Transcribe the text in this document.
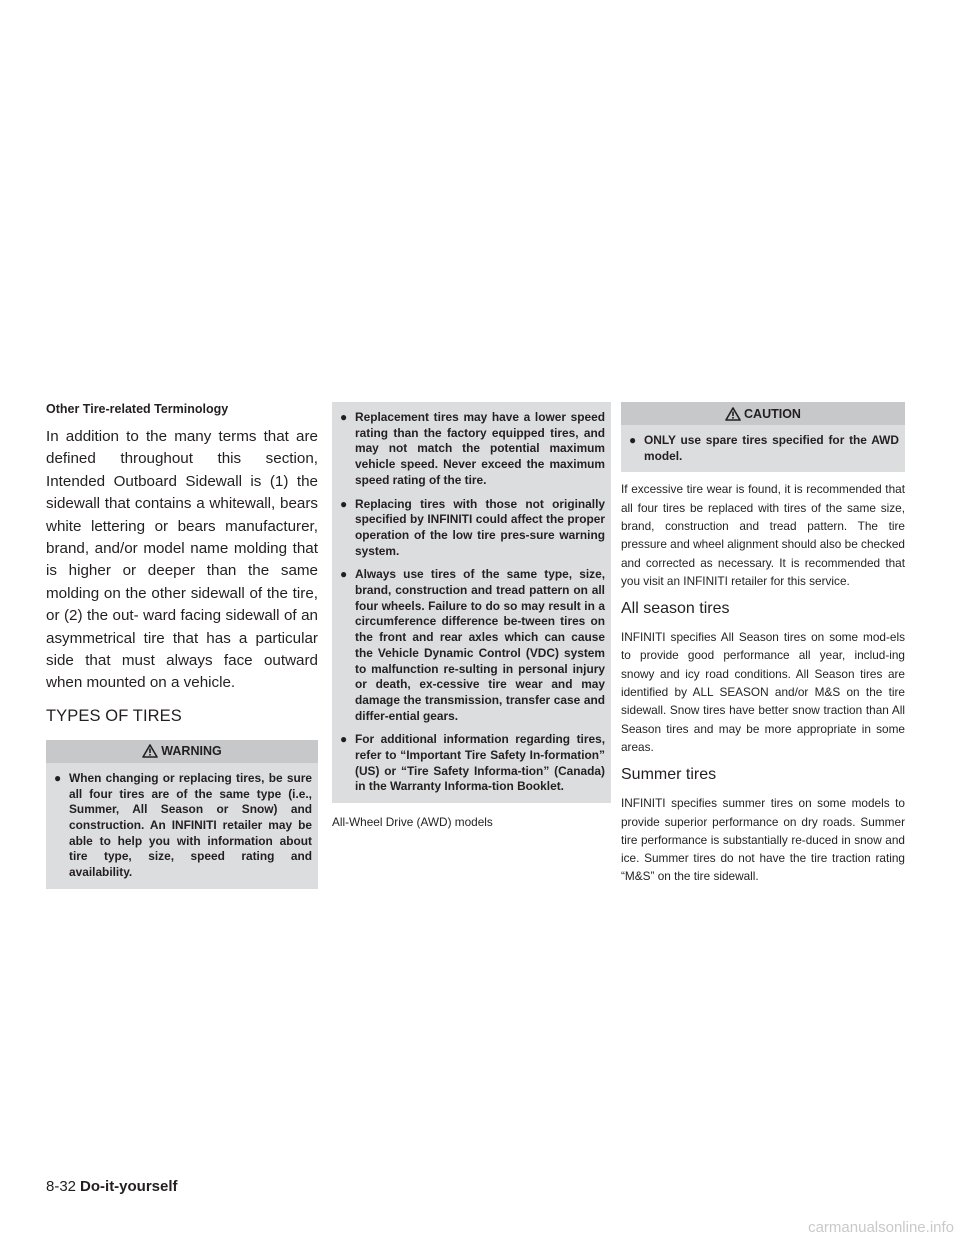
Other Tire-related Terminology
In addition to the many terms that are defined throughout this section, Intended Outboard Sidewall is (1) the sidewall that contains a whitewall, bears white lettering or bears manufacturer, brand, and/or model name molding that is higher or deeper than the same molding on the other sidewall of the tire, or (2) the out- ward facing sidewall of an asymmetrical tire that has a particular side that must always face outward when mounted on a vehicle.
TYPES OF TIRES
WARNING
● When changing or replacing tires, be sure all four tires are of the same type (i.e., Summer, All Season or Snow) and construction. An INFINITI retailer may be able to help you with information about tire type, size, speed rating and availability.
● Replacement tires may have a lower speed rating than the factory equipped tires, and may not match the potential maximum vehicle speed. Never exceed the maximum speed rating of the tire.
● Replacing tires with those not originally specified by INFINITI could affect the proper operation of the low tire pres-sure warning system.
● Always use tires of the same type, size, brand, construction and tread pattern on all four wheels. Failure to do so may result in a circumference difference be-tween tires on the front and rear axles which can cause the Vehicle Dynamic Control (VDC) system to malfunction re-sulting in personal injury or death, ex-cessive tire wear and may damage the transmission, transfer case and differ-ential gears.
● For additional information regarding tires, refer to “Important Tire Safety In-formation” (US) or “Tire Safety Informa-tion” (Canada) in the Warranty Informa-tion Booklet.
All-Wheel Drive (AWD) models
CAUTION
● ONLY use spare tires specified for the AWD model.

If excessive tire wear is found, it is recommended that all four tires be replaced with tires of the same size, brand, construction and tread pattern. The tire pressure and wheel alignment should also be checked and corrected as necessary. It is recommended that you visit an INFINITI retailer for this service.

All season tires

INFINITI specifies All Season tires on some mod-els to provide good performance all year, includ-ing snowy and icy road conditions. All Season tires are identified by ALL SEASON and/or M&S on the tire sidewall. Snow tires have better snow traction than All Season tires and may be more appropriate in some areas.

Summer tires

INFINITI specifies summer tires on some models to provide superior performance on dry roads. Summer tire performance is substantially re-duced in snow and ice. Summer tires do not have the tire traction rating “M&S” on the tire sidewall.

8-32 Do-it-yourself
carmanualsonline.info
